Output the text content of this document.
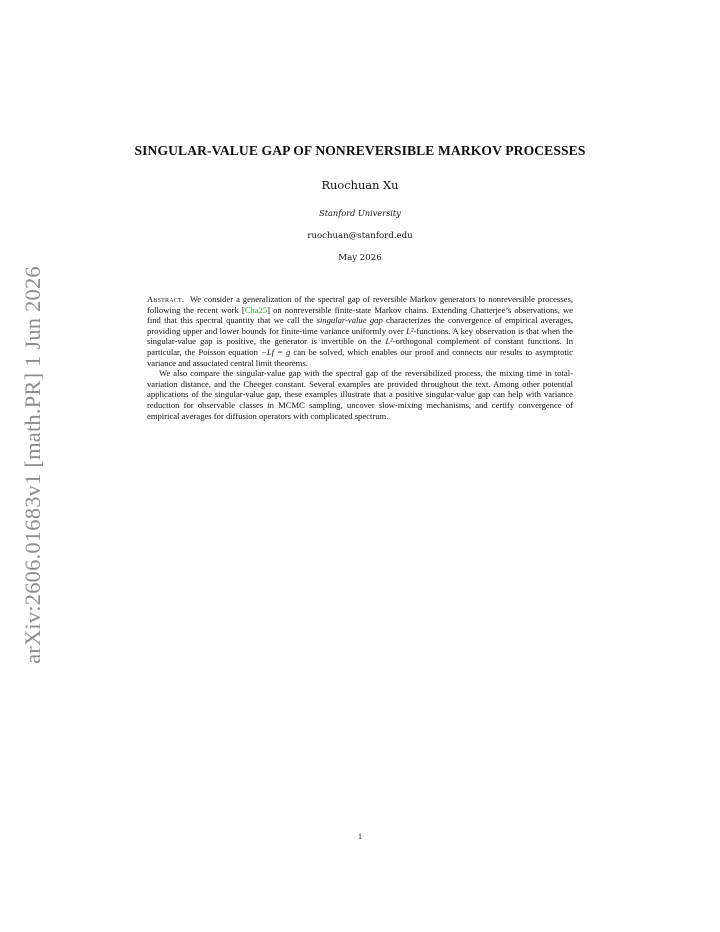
arXiv:2606.01683v1 [math.PR] 1 Jun 2026
SINGULAR-VALUE GAP OF NONREVERSIBLE MARKOV PROCESSES
Ruochuan Xu
Stanford University
ruochuan@stanford.edu
May 2026

Abstract. We consider a generalization of the spectral gap of reversible Markov generators to nonreversible processes, following the recent work [Cha25] on nonreversible finite-state Markov chains. Extending Chatterjee’s observations, we find that this spectral quantity that we call the singular-value gap characterizes the convergence of empirical averages, providing upper and lower bounds for finite-time variance uniformly over L²-functions. A key observation is that when the singular-value gap is positive, the generator is invertible on the L²-orthogonal complement of constant functions. In particular, the Poisson equation −Lf = g can be solved, which enables our proof and connects our results to asymptotic variance and associated central limit theorems.

We also compare the singular-value gap with the spectral gap of the reversibilized process, the mixing time in total-variation distance, and the Cheeger constant. Several examples are provided throughout the text. Among other potential applications of the singular-value gap, these examples illustrate that a positive singular-value gap can help with variance reduction for observable classes in MCMC sampling, uncover slow-mixing mechanisms, and certify convergence of empirical averages for diffusion operators with complicated spectrum.

1
